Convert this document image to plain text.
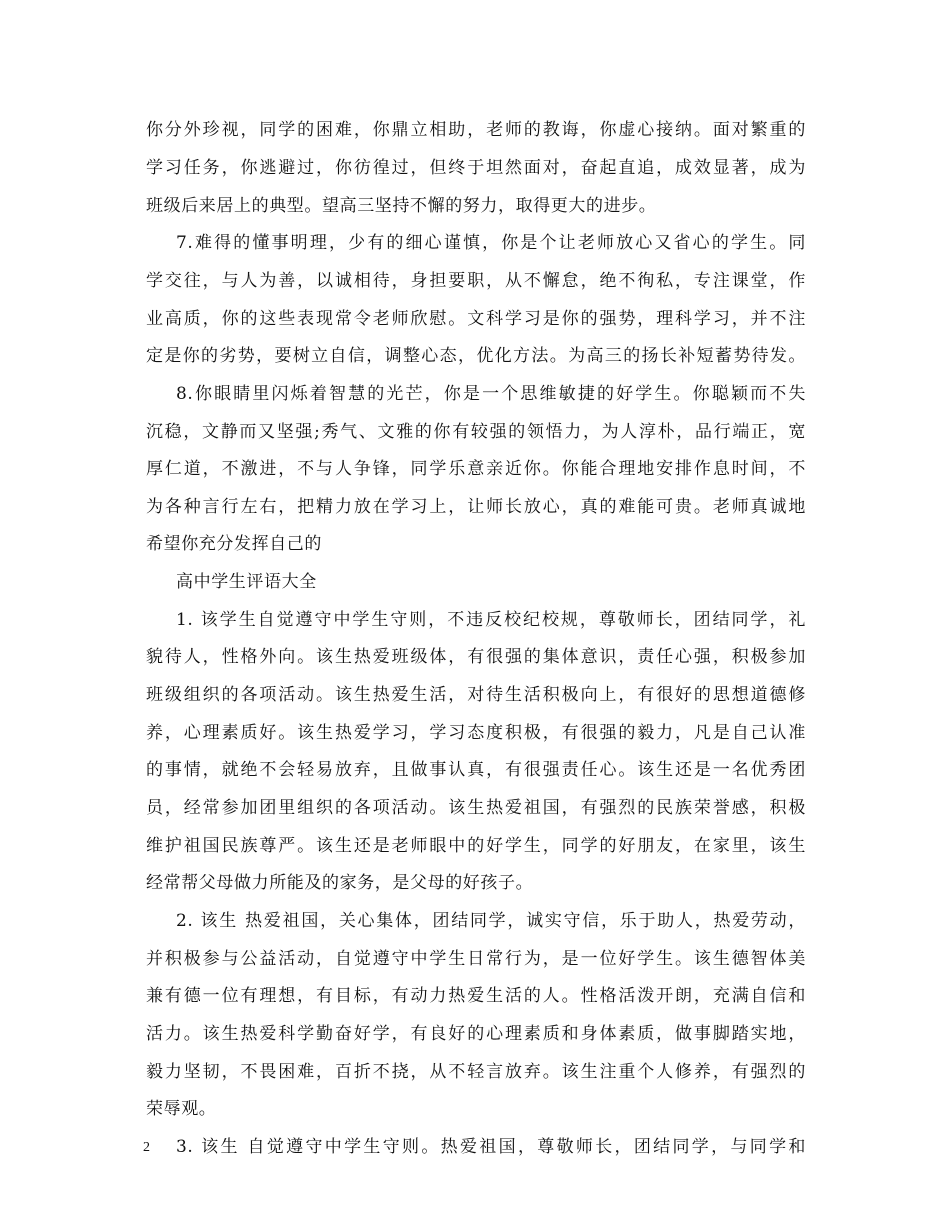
你分外珍视，同学的困难，你鼎立相助，老师的教诲，你虚心接纳。面对繁重的
学习任务，你逃避过，你彷徨过，但终于坦然面对，奋起直追，成效显著，成为
班级后来居上的典型。望高三坚持不懈的努力，取得更大的进步。
7.难得的懂事明理，少有的细心谨慎，你是个让老师放心又省心的学生。同
学交往，与人为善，以诚相待，身担要职，从不懈怠，绝不徇私，专注课堂，作
业高质，你的这些表现常令老师欣慰。文科学习是你的强势，理科学习，并不注
定是你的劣势，要树立自信，调整心态，优化方法。为高三的扬长补短蓄势待发。
8.你眼睛里闪烁着智慧的光芒，你是一个思维敏捷的好学生。你聪颖而不失
沉稳，文静而又坚强;秀气、文雅的你有较强的领悟力，为人淳朴，品行端正，宽
厚仁道，不激进，不与人争锋，同学乐意亲近你。你能合理地安排作息时间，不
为各种言行左右，把精力放在学习上，让师长放心，真的难能可贵。老师真诚地
希望你充分发挥自己的
高中学生评语大全
1. 该学生自觉遵守中学生守则，不违反校纪校规，尊敬师长，团结同学，礼
貌待人，性格外向。该生热爱班级体，有很强的集体意识，责任心强，积极参加
班级组织的各项活动。该生热爱生活，对待生活积极向上，有很好的思想道德修
养，心理素质好。该生热爱学习，学习态度积极，有很强的毅力，凡是自己认准
的事情，就绝不会轻易放弃，且做事认真，有很强责任心。该生还是一名优秀团
员，经常参加团里组织的各项活动。该生热爱祖国，有强烈的民族荣誉感，积极
维护祖国民族尊严。该生还是老师眼中的好学生，同学的好朋友，在家里，该生
经常帮父母做力所能及的家务，是父母的好孩子。
2. 该生 热爱祖国，关心集体，团结同学，诚实守信，乐于助人，热爱劳动，
并积极参与公益活动，自觉遵守中学生日常行为，是一位好学生。该生德智体美
兼有德一位有理想，有目标，有动力热爱生活的人。性格活泼开朗，充满自信和
活力。该生热爱科学勤奋好学，有良好的心理素质和身体素质，做事脚踏实地，
毅力坚韧，不畏困难，百折不挠，从不轻言放弃。该生注重个人修养，有强烈的
荣辱观。
3. 该生 自觉遵守中学生守则。热爱祖国，尊敬师长，团结同学，与同学和
2
